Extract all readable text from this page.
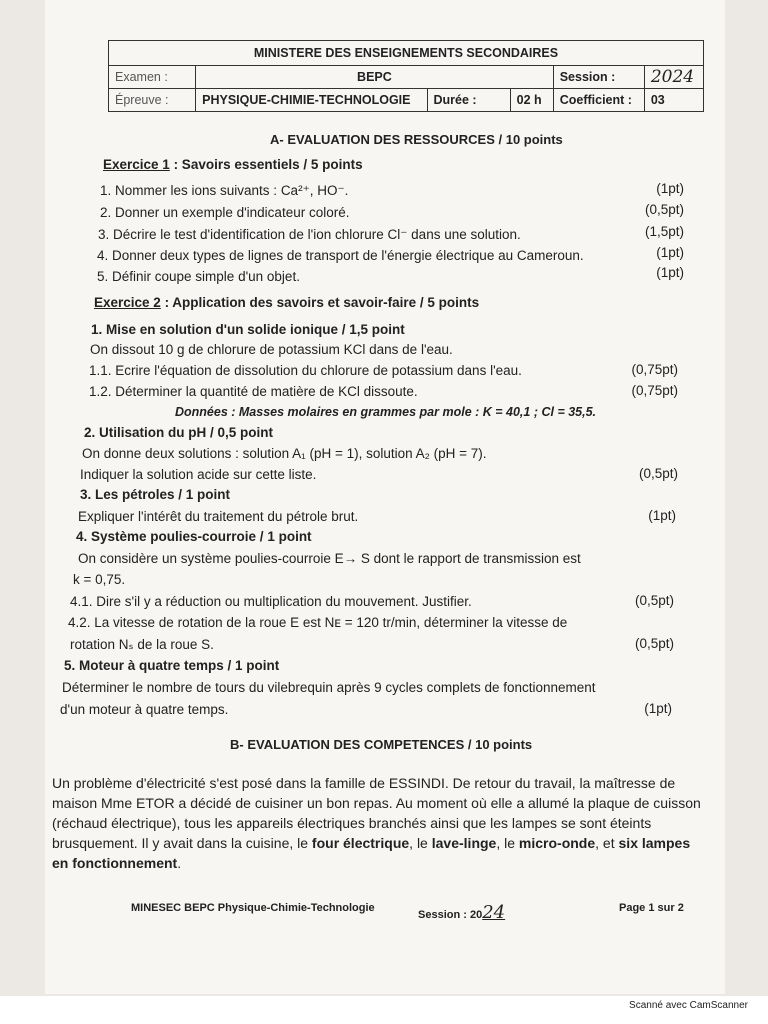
MINISTERE DES ENSEIGNEMENTS SECONDAIRES					
Examen :	BEPC			Session :	2024
Épreuve :	PHYSIQUE-CHIMIE-TECHNOLOGIE	Durée :	02 h	Coefficient :	03
A- EVALUATION DES RESSOURCES / 10 points
Exercice 1 : Savoirs essentiels / 5 points
1. Nommer les ions suivants : Ca²⁺, HO⁻.	(1pt)
2. Donner un exemple d'indicateur coloré.	(0,5pt)
3. Décrire le test d'identification de l'ion chlorure Cl⁻ dans une solution.	(1,5pt)
4. Donner deux types de lignes de transport de l'énergie électrique au Cameroun.	(1pt)
5. Définir coupe simple d'un objet.	(1pt)
Exercice 2 : Application des savoirs et savoir-faire / 5 points
1. Mise en solution d'un solide ionique / 1,5 point
On dissout 10 g de chlorure de potassium KCl dans de l'eau.
1.1. Ecrire l'équation de dissolution du chlorure de potassium dans l'eau.	(0,75pt)
1.2. Déterminer la quantité de matière de KCl dissoute.	(0,75pt)
Données : Masses molaires en grammes par mole : K = 40,1 ; Cl = 35,5.
2. Utilisation du pH / 0,5 point
On donne deux solutions : solution A₁ (pH = 1), solution A₂ (pH = 7).
Indiquer la solution acide sur cette liste.	(0,5pt)
3. Les pétroles / 1 point
Expliquer l'intérêt du traitement du pétrole brut.	(1pt)
4. Système poulies-courroie / 1 point
On considère un système poulies-courroie E→ S dont le rapport de transmission est
k = 0,75.
4.1. Dire s'il y a réduction ou multiplication du mouvement. Justifier.	(0,5pt)
4.2. La vitesse de rotation de la roue E est Nᴇ = 120 tr/min, déterminer la vitesse de
rotation Nₛ de la roue S.	(0,5pt)
5. Moteur à quatre temps / 1 point
Déterminer le nombre de tours du vilebrequin après 9 cycles complets de fonctionnement
d'un moteur à quatre temps.	(1pt)
B- EVALUATION DES COMPETENCES / 10 points
Un problème d'électricité s'est posé dans la famille de ESSINDI. De retour du travail, la maîtresse de maison Mme ETOR a décidé de cuisiner un bon repas. Au moment où elle a allumé la plaque de cuisson (réchaud électrique), tous les appareils électriques branchés ainsi que les lampes se sont éteints brusquement. Il y avait dans la cuisine, le four électrique, le lave-linge, le micro-onde, et six lampes en fonctionnement.
MINESEC BEPC Physique-Chimie-Technologie
Session : 2024	Page 1 sur 2
Scanné avec CamScanner
